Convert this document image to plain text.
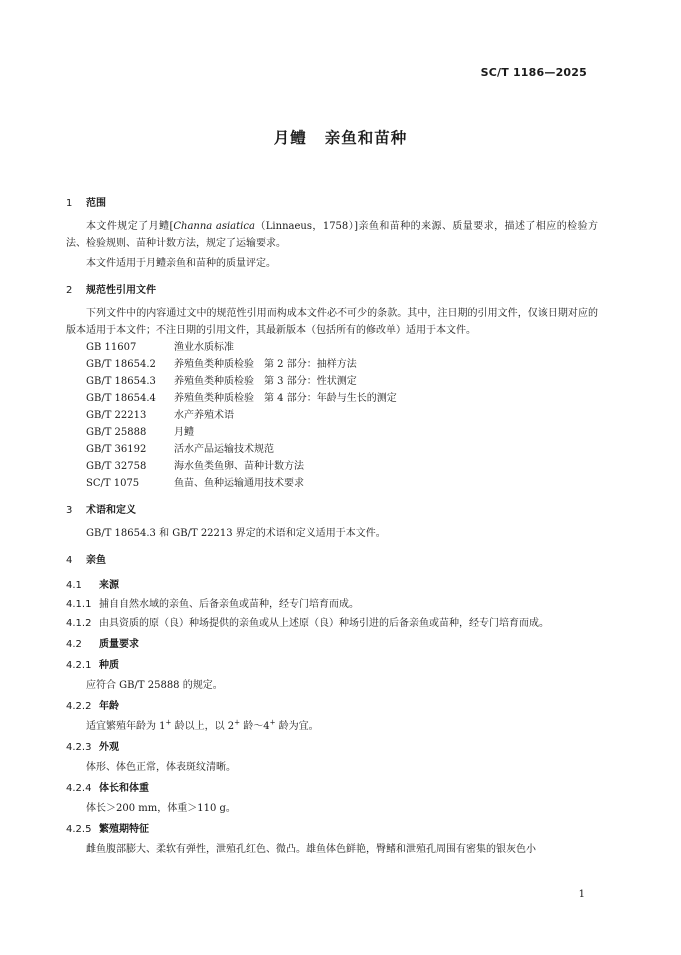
SC/T 1186—2025
月鳢 亲鱼和苗种
1 范围
本文件规定了月鳢[Channa asiatica（Linnaeus，1758）]亲鱼和苗种的来源、质量要求，描述了相应的检验方法、检验规则、苗种计数方法，规定了运输要求。
本文件适用于月鳢亲鱼和苗种的质量评定。
2 规范性引用文件
下列文件中的内容通过文中的规范性引用而构成本文件必不可少的条款。其中，注日期的引用文件，仅该日期对应的版本适用于本文件；不注日期的引用文件，其最新版本（包括所有的修改单）适用于本文件。
GB 11607	渔业水质标准
GB/T 18654.2 养殖鱼类种质检验　第 2 部分：抽样方法
GB/T 18654.3 养殖鱼类种质检验　第 3 部分：性状测定
GB/T 18654.4 养殖鱼类种质检验　第 4 部分：年龄与生长的测定
GB/T 22213	水产养殖术语
GB/T 25888	月鳢
GB/T 36192	活水产品运输技术规范
GB/T 32758	海水鱼类鱼卵、苗种计数方法
SC/T 1075	鱼苗、鱼种运输通用技术要求
3 术语和定义
GB/T 18654.3 和 GB/T 22213 界定的术语和定义适用于本文件。
4 亲鱼
4.1 来源
4.1.1 捕自自然水域的亲鱼、后备亲鱼或苗种，经专门培育而成。
4.1.2 由具资质的原（良）种场提供的亲鱼或从上述原（良）种场引进的后备亲鱼或苗种，经专门培育而成。
4.2 质量要求
4.2.1 种质
应符合 GB/T 25888 的规定。
4.2.2 年龄
适宜繁殖年龄为 1+ 龄以上，以 2+ 龄～4+ 龄为宜。
4.2.3 外观
体形、体色正常，体表斑纹清晰。
4.2.4 体长和体重
体长＞200 mm，体重＞110 g。
4.2.5 繁殖期特征
雌鱼腹部膨大、柔软有弹性，泄殖孔红色、微凸。雄鱼体色鲜艳，臀鳍和泄殖孔周围有密集的银灰色小
1
